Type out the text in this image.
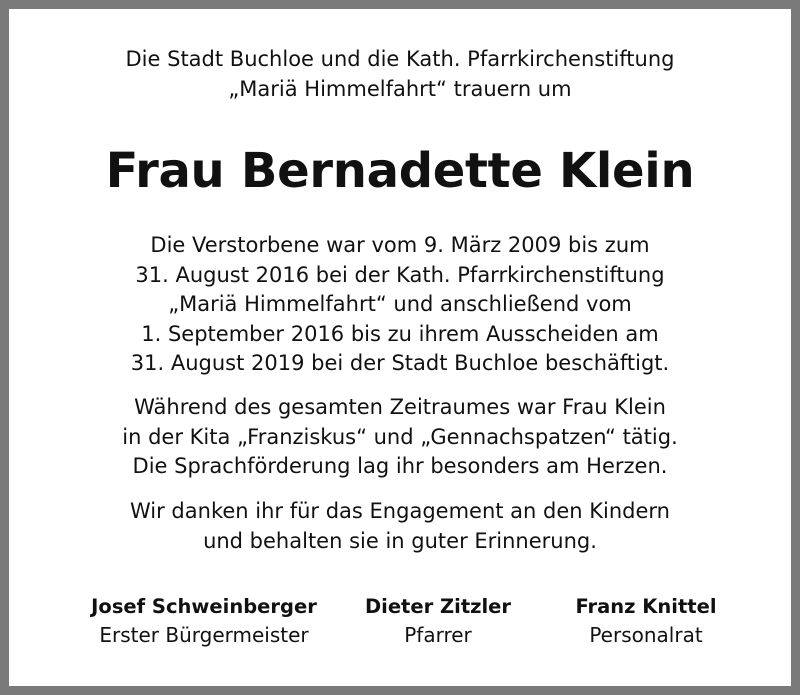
Die Stadt Buchloe und die Kath. Pfarrkirchenstiftung
„Mariä Himmelfahrt“ trauern um

Frau Bernadette Klein

Die Verstorbene war vom 9. März 2009 bis zum
31. August 2016 bei der Kath. Pfarrkirchenstiftung
„Mariä Himmelfahrt“ und anschließend vom
1. September 2016 bis zu ihrem Ausscheiden am
31. August 2019 bei der Stadt Buchloe beschäftigt.

Während des gesamten Zeitraumes war Frau Klein
in der Kita „Franziskus“ und „Gennachspatzen“ tätig.
Die Sprachförderung lag ihr besonders am Herzen.

Wir danken ihr für das Engagement an den Kindern
und behalten sie in guter Erinnerung.

Josef Schweinberger
Erster Bürgermeister
Dieter Zitzler
Pfarrer
Franz Knittel
Personalrat
